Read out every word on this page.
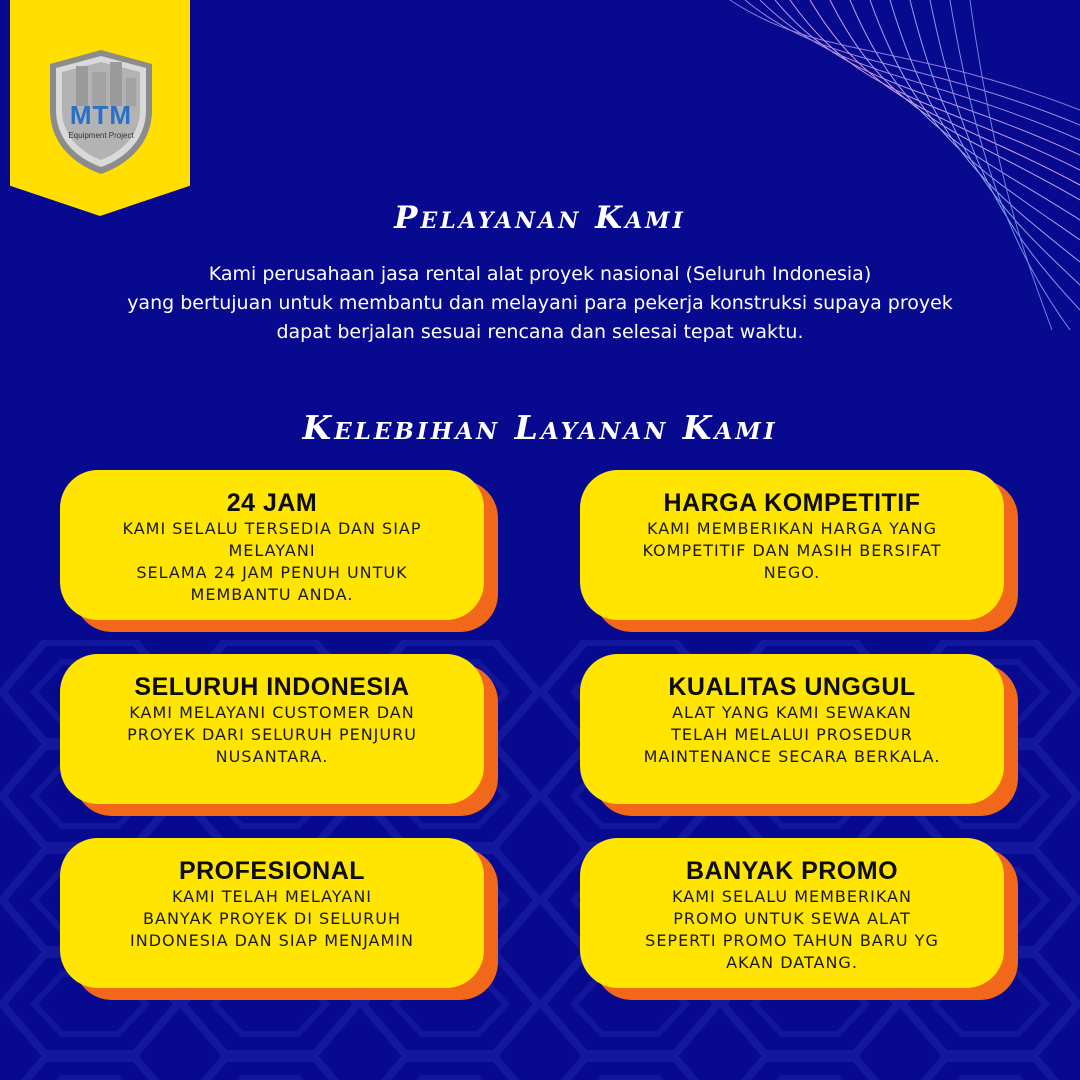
MTM
Equipment Project
Pelayanan Kami
Kami perusahaan jasa rental alat proyek nasional (Seluruh Indonesia)
yang bertujuan untuk membantu dan melayani para pekerja konstruksi supaya proyek
dapat berjalan sesuai rencana dan selesai tepat waktu.
Kelebihan Layanan Kami
24 JAM
KAMI SELALU TERSEDIA DAN SIAP
MELAYANI
SELAMA 24 JAM PENUH UNTUK
MEMBANTU ANDA.
HARGA KOMPETITIF
KAMI MEMBERIKAN HARGA YANG
KOMPETITIF DAN MASIH BERSIFAT
NEGO.
SELURUH INDONESIA
KAMI MELAYANI CUSTOMER DAN
PROYEK DARI SELURUH PENJURU
NUSANTARA.
KUALITAS UNGGUL
ALAT YANG KAMI SEWAKAN
TELAH MELALUI PROSEDUR
MAINTENANCE SECARA BERKALA.
PROFESIONAL
KAMI TELAH MELAYANI
BANYAK PROYEK DI SELURUH
INDONESIA DAN SIAP MENJAMIN
BANYAK PROMO
KAMI SELALU MEMBERIKAN
PROMO UNTUK SEWA ALAT
SEPERTI PROMO TAHUN BARU YG
AKAN DATANG.
